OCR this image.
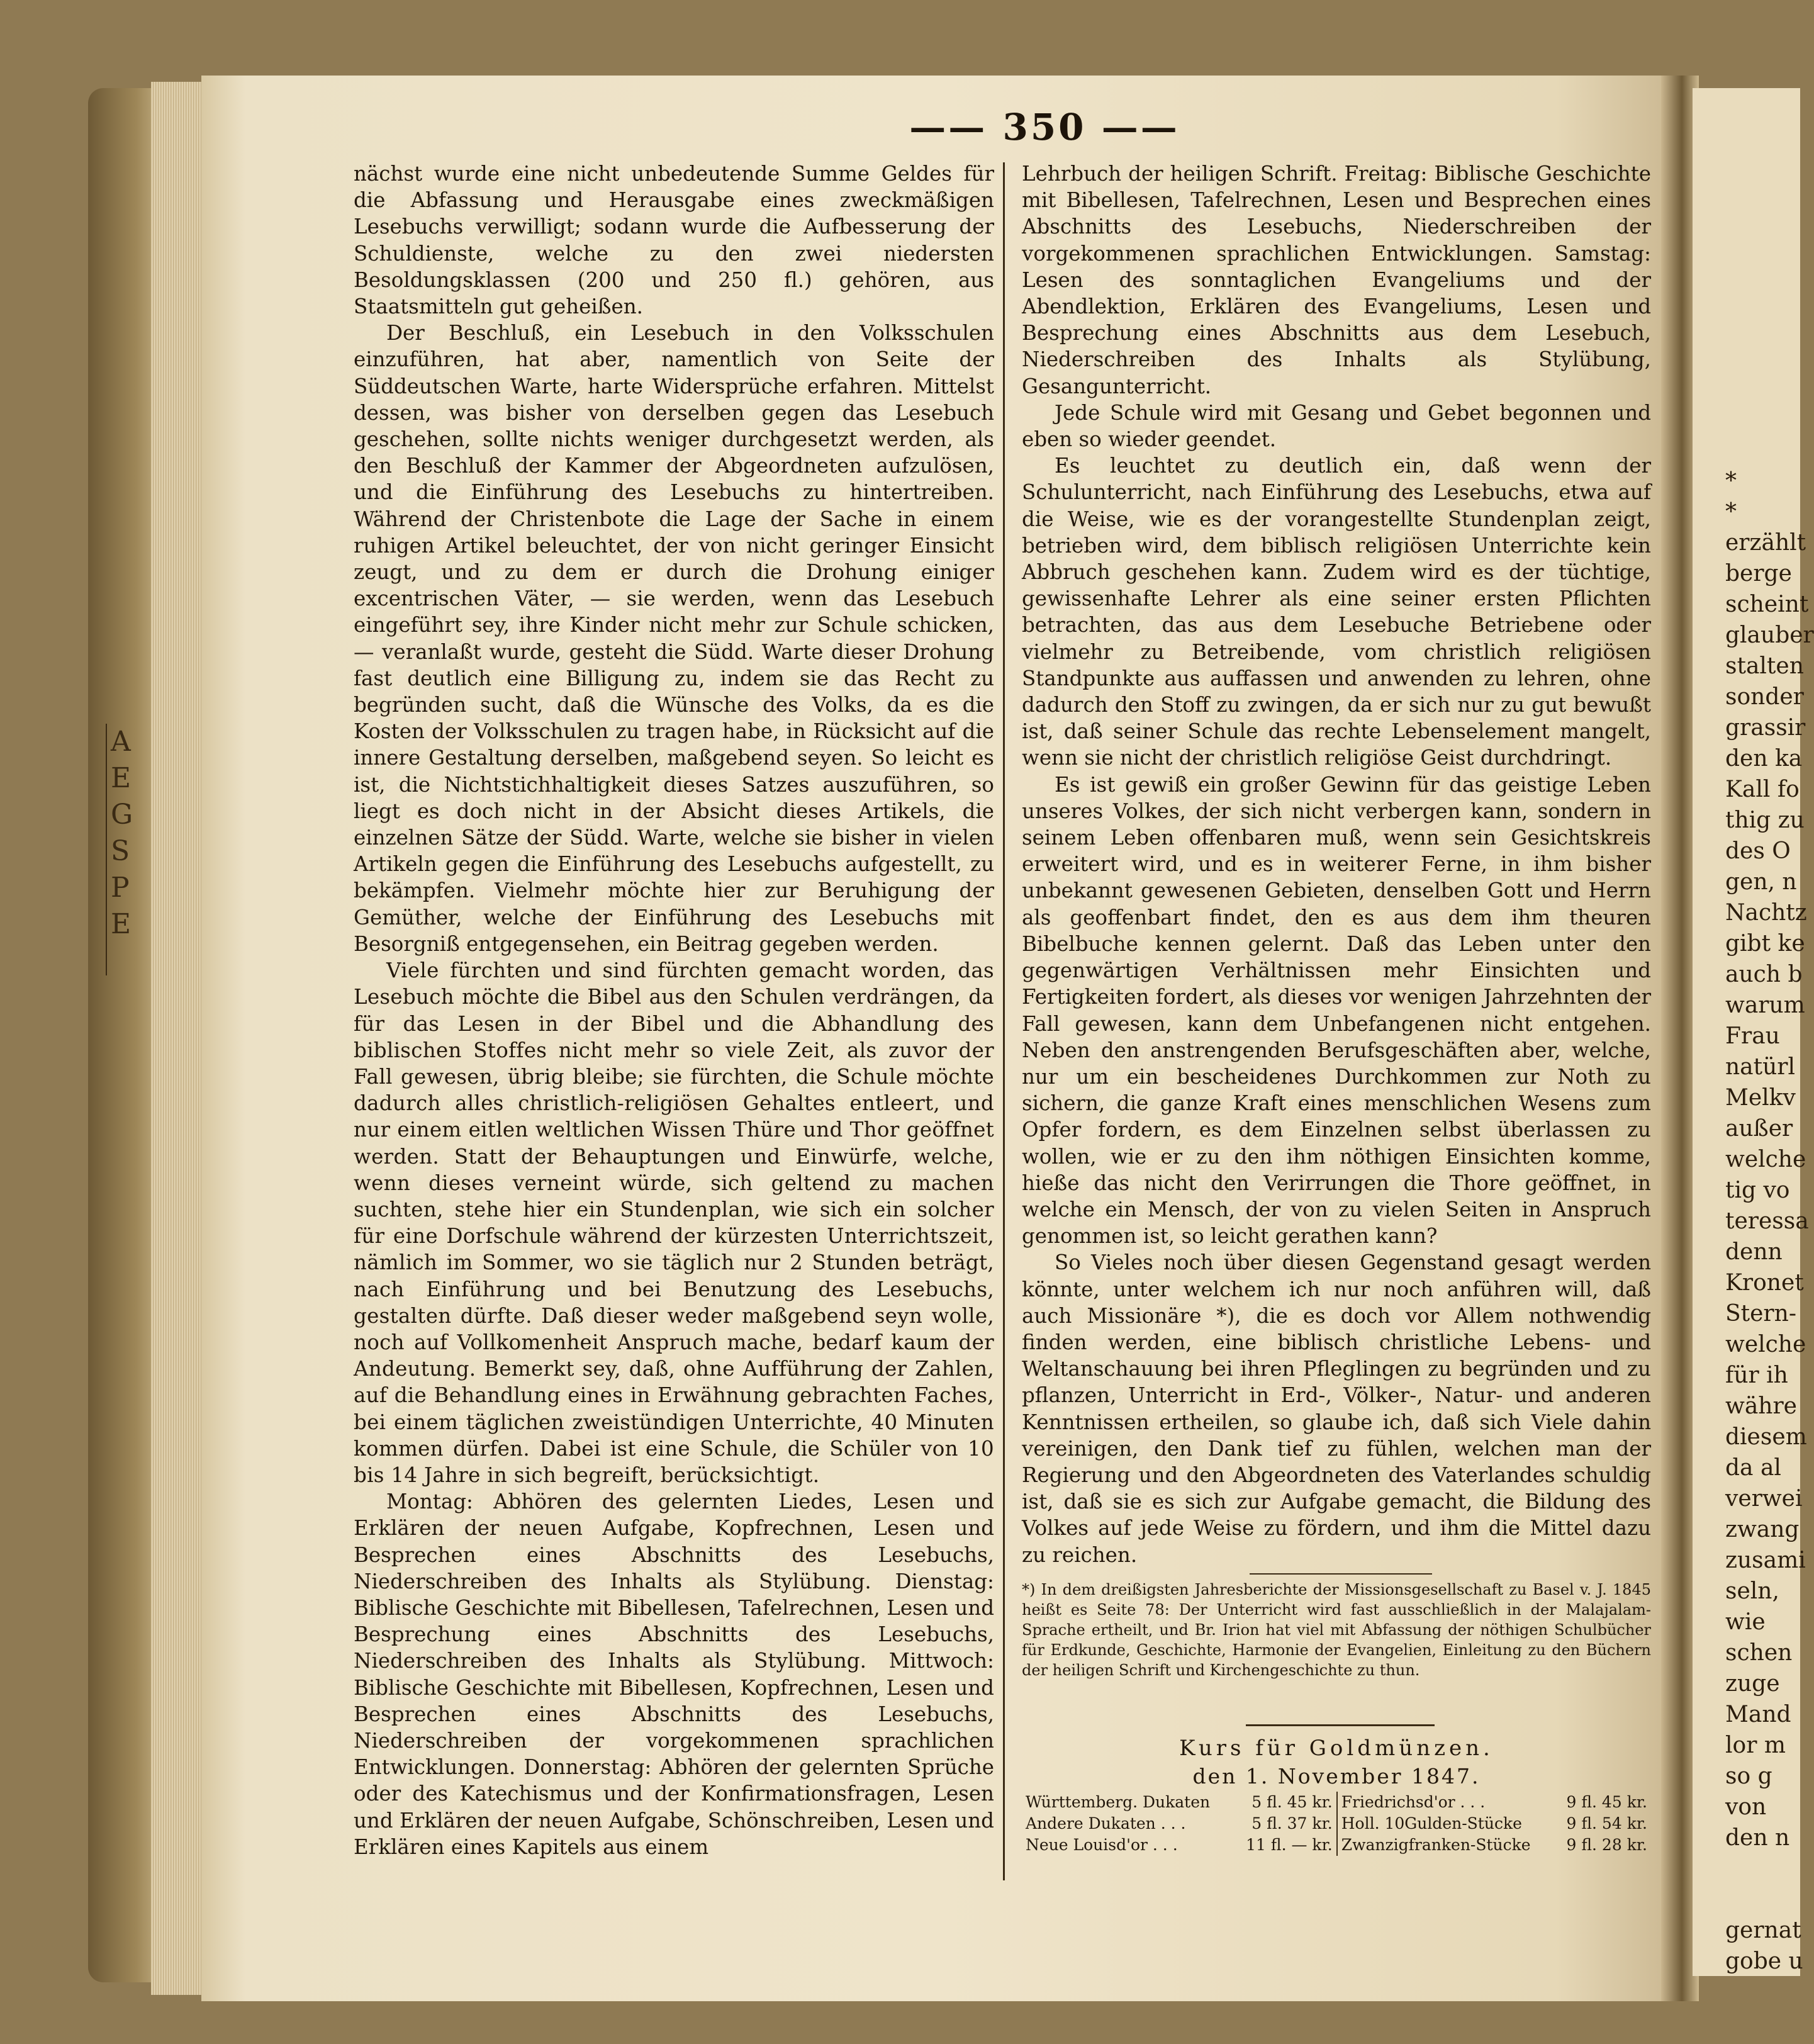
A
E
G
S
P
E
*
*
erzählt
berge
scheint
glauber
stalten
sonder
grassir
den ka
Kall fo
thig zu
des O
gen, n
Nachtz
gibt ke
auch b
warum
Frau
natürl
Melkv
außer
welche
tig vo
teressa
denn
Kronet
Stern-
welche
für ih
währe
diesem
da al
verwei
zwang
zusami
seln,
wie
schen
zuge
Mand
lor m
so g
von
den n

gernat
gobe u
—— 350 ——

nächst wurde eine nicht unbedeutende Summe Geldes für die Abfassung und Herausgabe eines zweckmäßigen Lesebuchs verwilligt; sodann wurde die Aufbesserung der Schuldienste, welche zu den zwei niedersten Besoldungsklassen (200 und 250 fl.) gehören, aus Staatsmitteln gut geheißen.

Der Beschluß, ein Lesebuch in den Volksschulen einzuführen, hat aber, namentlich von Seite der Süddeutschen Warte, harte Widersprüche erfahren. Mittelst dessen, was bisher von derselben gegen das Lesebuch geschehen, sollte nichts weniger durchgesetzt werden, als den Beschluß der Kammer der Abgeordneten aufzulösen, und die Einführung des Lesebuchs zu hintertreiben. Während der Christenbote die Lage der Sache in einem ruhigen Artikel beleuchtet, der von nicht geringer Einsicht zeugt, und zu dem er durch die Drohung einiger excentrischen Väter, — sie werden, wenn das Lesebuch eingeführt sey, ihre Kinder nicht mehr zur Schule schicken, — veranlaßt wurde, gesteht die Südd. Warte dieser Drohung fast deutlich eine Billigung zu, indem sie das Recht zu begründen sucht, daß die Wünsche des Volks, da es die Kosten der Volksschulen zu tragen habe, in Rücksicht auf die innere Gestaltung derselben, maßgebend seyen. So leicht es ist, die Nichtstichhaltigkeit dieses Satzes auszuführen, so liegt es doch nicht in der Absicht dieses Artikels, die einzelnen Sätze der Südd. Warte, welche sie bisher in vielen Artikeln gegen die Einführung des Lesebuchs aufgestellt, zu bekämpfen. Vielmehr möchte hier zur Beruhigung der Gemüther, welche der Einführung des Lesebuchs mit Besorgniß entgegensehen, ein Beitrag gegeben werden.

Viele fürchten und sind fürchten gemacht worden, das Lesebuch möchte die Bibel aus den Schulen verdrängen, da für das Lesen in der Bibel und die Abhandlung des biblischen Stoffes nicht mehr so viele Zeit, als zuvor der Fall gewesen, übrig bleibe; sie fürchten, die Schule möchte dadurch alles christlich-religiösen Gehaltes entleert, und nur einem eitlen weltlichen Wissen Thüre und Thor geöffnet werden. Statt der Behauptungen und Einwürfe, welche, wenn dieses verneint würde, sich geltend zu machen suchten, stehe hier ein Stundenplan, wie sich ein solcher für eine Dorfschule während der kürzesten Unterrichtszeit, nämlich im Sommer, wo sie täglich nur 2 Stunden beträgt, nach Einführung und bei Benutzung des Lesebuchs, gestalten dürfte. Daß dieser weder maßgebend seyn wolle, noch auf Vollkomenheit Anspruch mache, bedarf kaum der Andeutung. Bemerkt sey, daß, ohne Aufführung der Zahlen, auf die Behandlung eines in Erwähnung gebrachten Faches, bei einem täglichen zweistündigen Unterrichte, 40 Minuten kommen dürfen. Dabei ist eine Schule, die Schüler von 10 bis 14 Jahre in sich begreift, berücksichtigt.

Montag: Abhören des gelernten Liedes, Lesen und Erklären der neuen Aufgabe, Kopfrechnen, Lesen und Besprechen eines Abschnitts des Lesebuchs, Niederschreiben des Inhalts als Stylübung. Dienstag: Biblische Geschichte mit Bibellesen, Tafelrechnen, Lesen und Besprechung eines Abschnitts des Lesebuchs, Niederschreiben des Inhalts als Stylübung. Mittwoch: Biblische Geschichte mit Bibellesen, Kopfrechnen, Lesen und Besprechen eines Abschnitts des Lesebuchs, Niederschreiben der vorgekommenen sprachlichen Entwicklungen. Donnerstag: Abhören der gelernten Sprüche oder des Katechismus und der Konfirmationsfragen, Lesen und Erklären der neuen Aufgabe, Schönschreiben, Lesen und Erklären eines Kapitels aus einem

Lehrbuch der heiligen Schrift. Freitag: Biblische Geschichte mit Bibellesen, Tafelrechnen, Lesen und Besprechen eines Abschnitts des Lesebuchs, Niederschreiben der vorgekommenen sprachlichen Entwicklungen. Samstag: Lesen des sonntaglichen Evangeliums und der Abendlektion, Erklären des Evangeliums, Lesen und Besprechung eines Abschnitts aus dem Lesebuch, Niederschreiben des Inhalts als Stylübung, Gesangunterricht.

Jede Schule wird mit Gesang und Gebet begonnen und eben so wieder geendet.

Es leuchtet zu deutlich ein, daß wenn der Schulunterricht, nach Einführung des Lesebuchs, etwa auf die Weise, wie es der vorangestellte Stundenplan zeigt, betrieben wird, dem biblisch religiösen Unterrichte kein Abbruch geschehen kann. Zudem wird es der tüchtige, gewissenhafte Lehrer als eine seiner ersten Pflichten betrachten, das aus dem Lesebuche Betriebene oder vielmehr zu Betreibende, vom christlich religiösen Standpunkte aus auffassen und anwenden zu lehren, ohne dadurch den Stoff zu zwingen, da er sich nur zu gut bewußt ist, daß seiner Schule das rechte Lebenselement mangelt, wenn sie nicht der christlich religiöse Geist durchdringt.

Es ist gewiß ein großer Gewinn für das geistige Leben unseres Volkes, der sich nicht verbergen kann, sondern in seinem Leben offenbaren muß, wenn sein Gesichtskreis erweitert wird, und es in weiterer Ferne, in ihm bisher unbekannt gewesenen Gebieten, denselben Gott und Herrn als geoffenbart findet, den es aus dem ihm theuren Bibelbuche kennen gelernt. Daß das Leben unter den gegenwärtigen Verhältnissen mehr Einsichten und Fertigkeiten fordert, als dieses vor wenigen Jahrzehnten der Fall gewesen, kann dem Unbefangenen nicht entgehen. Neben den anstrengenden Berufsgeschäften aber, welche, nur um ein bescheidenes Durchkommen zur Noth zu sichern, die ganze Kraft eines menschlichen Wesens zum Opfer fordern, es dem Einzelnen selbst überlassen zu wollen, wie er zu den ihm nöthigen Einsichten komme, hieße das nicht den Verirrungen die Thore geöffnet, in welche ein Mensch, der von zu vielen Seiten in Anspruch genommen ist, so leicht gerathen kann?

So Vieles noch über diesen Gegenstand gesagt werden könnte, unter welchem ich nur noch anführen will, daß auch Missionäre *), die es doch vor Allem nothwendig finden werden, eine biblisch christliche Lebens- und Weltanschauung bei ihren Pfleglingen zu begründen und zu pflanzen, Unterricht in Erd-, Völker-, Natur- und anderen Kenntnissen ertheilen, so glaube ich, daß sich Viele dahin vereinigen, den Dank tief zu fühlen, welchen man der Regierung und den Abgeordneten des Vaterlandes schuldig ist, daß sie es sich zur Aufgabe gemacht, die Bildung des Volkes auf jede Weise zu fördern, und ihm die Mittel dazu zu reichen.

*) In dem dreißigsten Jahresberichte der Missionsgesellschaft zu Basel v. J. 1845 heißt es Seite 78: Der Unterricht wird fast ausschließlich in der Malajalam-Sprache ertheilt, und Br. Irion hat viel mit Abfassung der nöthigen Schulbücher für Erdkunde, Geschichte, Harmonie der Evangelien, Einleitung zu den Büchern der heiligen Schrift und Kirchengeschichte zu thun.
Kurs für Goldmünzen.
den 1. November 1847.
Württemberg. Dukaten	5 fl. 45 kr.	Friedrichsd'or . . .	9 fl. 45 kr.
Andere Dukaten . . .	5 fl. 37 kr.	Holl. 10Gulden-Stücke	9 fl. 54 kr.
Neue Louisd'or . . .	11 fl. — kr.	Zwanzigfranken-Stücke	9 fl. 28 kr.
